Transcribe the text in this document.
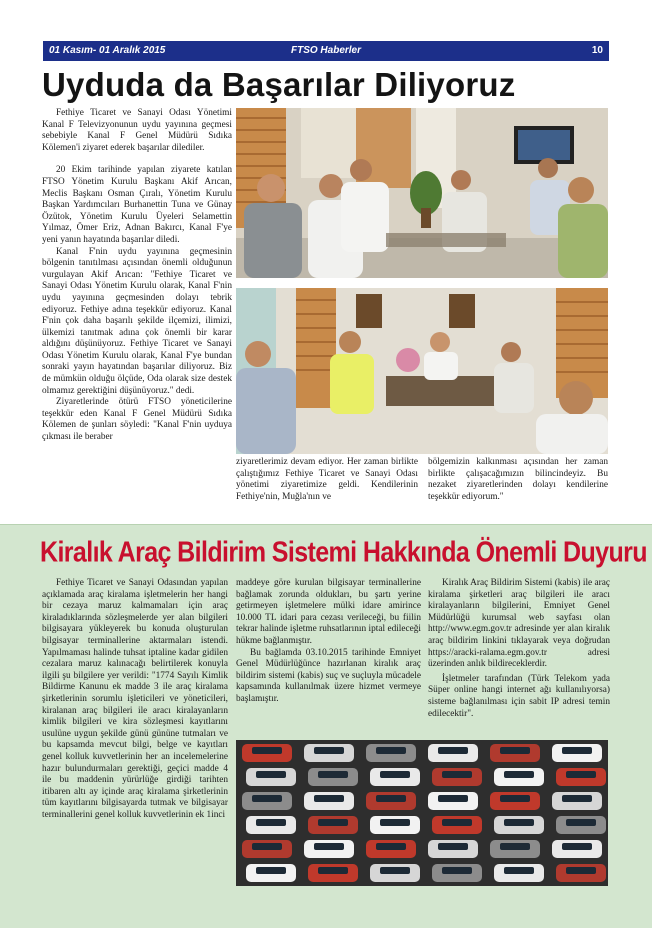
01 Kasım- 01 Aralık 2015	FTSO Haberler	10
Uyduda da Başarılar Diliyoruz

Fethiye Ticaret ve Sanayi Odası Yönetimi Kanal F Televizyonunun uydu yayınına geçmesi sebebiyle Kanal F Genel Müdürü Sıdıka Kölemen'i ziyaret ederek başarılar dilediler.

20 Ekim tarihinde yapılan ziyarete katılan FTSO Yönetim Kurulu Başkanı Akif Arıcan, Meclis Başkanı Osman Çıralı, Yönetim Kurulu Başkan Yardımcıları Burhanettin Tuna ve Günay Özütok, Yönetim Kurulu Üyeleri Selamettin Yılmaz, Ömer Eriz, Adnan Bakırcı, Kanal F'ye yeni yanın hayatında başarılar diledi.

Kanal F'nin uydu yayınına geçmesinin bölgenin tanıtılması açısından önemli olduğunun vurgulayan Akif Arıcan: "Fethiye Ticaret ve Sanayi Odası Yönetim Kurulu olarak, Kanal F'nin uydu yayınına geçmesinden dolayı tebrik ediyoruz. Fethiye adına teşekkür ediyoruz. Kanal F'nin çok daha başarılı şekilde ilçemizi, ilimizi, ülkemizi tanıtmak adına çok önemli bir karar aldığını düşünüyoruz. Fethiye Ticaret ve Sanayi Odası Yönetim Kurulu olarak, Kanal F'ye bundan sonraki yayın hayatından başarılar diliyoruz. Biz de mümkün olduğu ölçüde, Oda olarak size destek olmamız gerektiğini düşünüyoruz." dedi.

Ziyaretlerinde ötürü FTSO yöneticilerine teşekkür eden Kanal F Genel Müdürü Sıdıka Kölemen de şunları söyledi: "Kanal F'nin uyduya çıkması ile beraber

ziyaretlerimiz devam ediyor. Her zaman birlikte çalıştığımız Fethiye Ticaret ve Sanayi Odası yönetimi ziyaretimize geldi. Kendilerinin Fethiye'nin, Muğla'nın ve

bölgemizin kalkınması açısından her zaman birlikte çalışacağımızın bilincindeyiz. Bu nezaket ziyaretlerinden dolayı kendilerine teşekkür ediyorum."

Kiralık Araç Bildirim Sistemi Hakkında Önemli Duyuru

Fethiye Ticaret ve Sanayi Odasından yapılan açıklamada araç kiralama işletmelerin her hangi bir cezaya maruz kalmamaları için araç kiraladıklarında sözleşmelerde yer alan bilgileri bilgisayara yükleyerek bu konuda oluşturulan bilgisayar terminallerine aktarmaları istendi. Yapılmaması halinde tuhsat iptaline kadar gidilen cezalara maruz kalınacağı belirtilerek konuyla ilgili şu bilgilere yer verildi: "1774 Sayılı Kimlik Bildirme Kanunu ek madde 3 ile araç kiralama şirketlerinin sorumlu işleticileri ve yöneticileri, kiralanan araç bilgileri ile aracı kiralayanların kimlik bilgileri ve kira sözleşmesi kayıtlarını usulüne uygun şekilde günü gününe tutmaları ve bu kapsamda mevcut bilgi, belge ve kayıtları genel kolluk kuvvetlerinin her an incelemelerine hazır bulundurmaları gerektiği, geçici madde 4 ile bu maddenin yürürlüğe girdiği tarihten itibaren altı ay içinde araç kiralama şirketlerinin tüm kayıtlarını bilgisayarda tutmak ve bilgisayar terminallerini genel kolluk kuvvetlerinin ek 1inci

maddeye göre kurulan bilgisayar terminallerine bağlamak zorunda oldukları, bu şartı yerine getirmeyen işletmelere mülki idare amirince 10.000 TL idari para cezası verileceği, bu fiilin tekrar halinde işletme ruhsatlarının iptal edileceği hükme bağlanmıştır.

Bu bağlamda 03.10.2015 tarihinde Emniyet Genel Müdürlüğünce hazırlanan kiralık araç bildirim sistemi (kabis) suç ve suçluyla mücadele kapsamında kullanılmak üzere hizmet vermeye başlamıştır.

Kiralık Araç Bildirim Sistemi (kabis) ile araç kiralama şirketleri araç bilgileri ile aracı kiralayanların bilgilerini, Emniyet Genel Müdürlüğü kurumsal web sayfası olan http://www.egm.gov.tr adresinde yer alan kiralık araç bildirim linkini tıklayarak veya doğrudan https://aracki-ralama.egm.gov.tr adresi üzerinden anlık bildireceklerdir.

İşletmeler tarafından (Türk Telekom yada Süper online hangi internet ağı kullanılıyorsa) sisteme bağlanılması için sabit IP adresi temin edilecektir".
